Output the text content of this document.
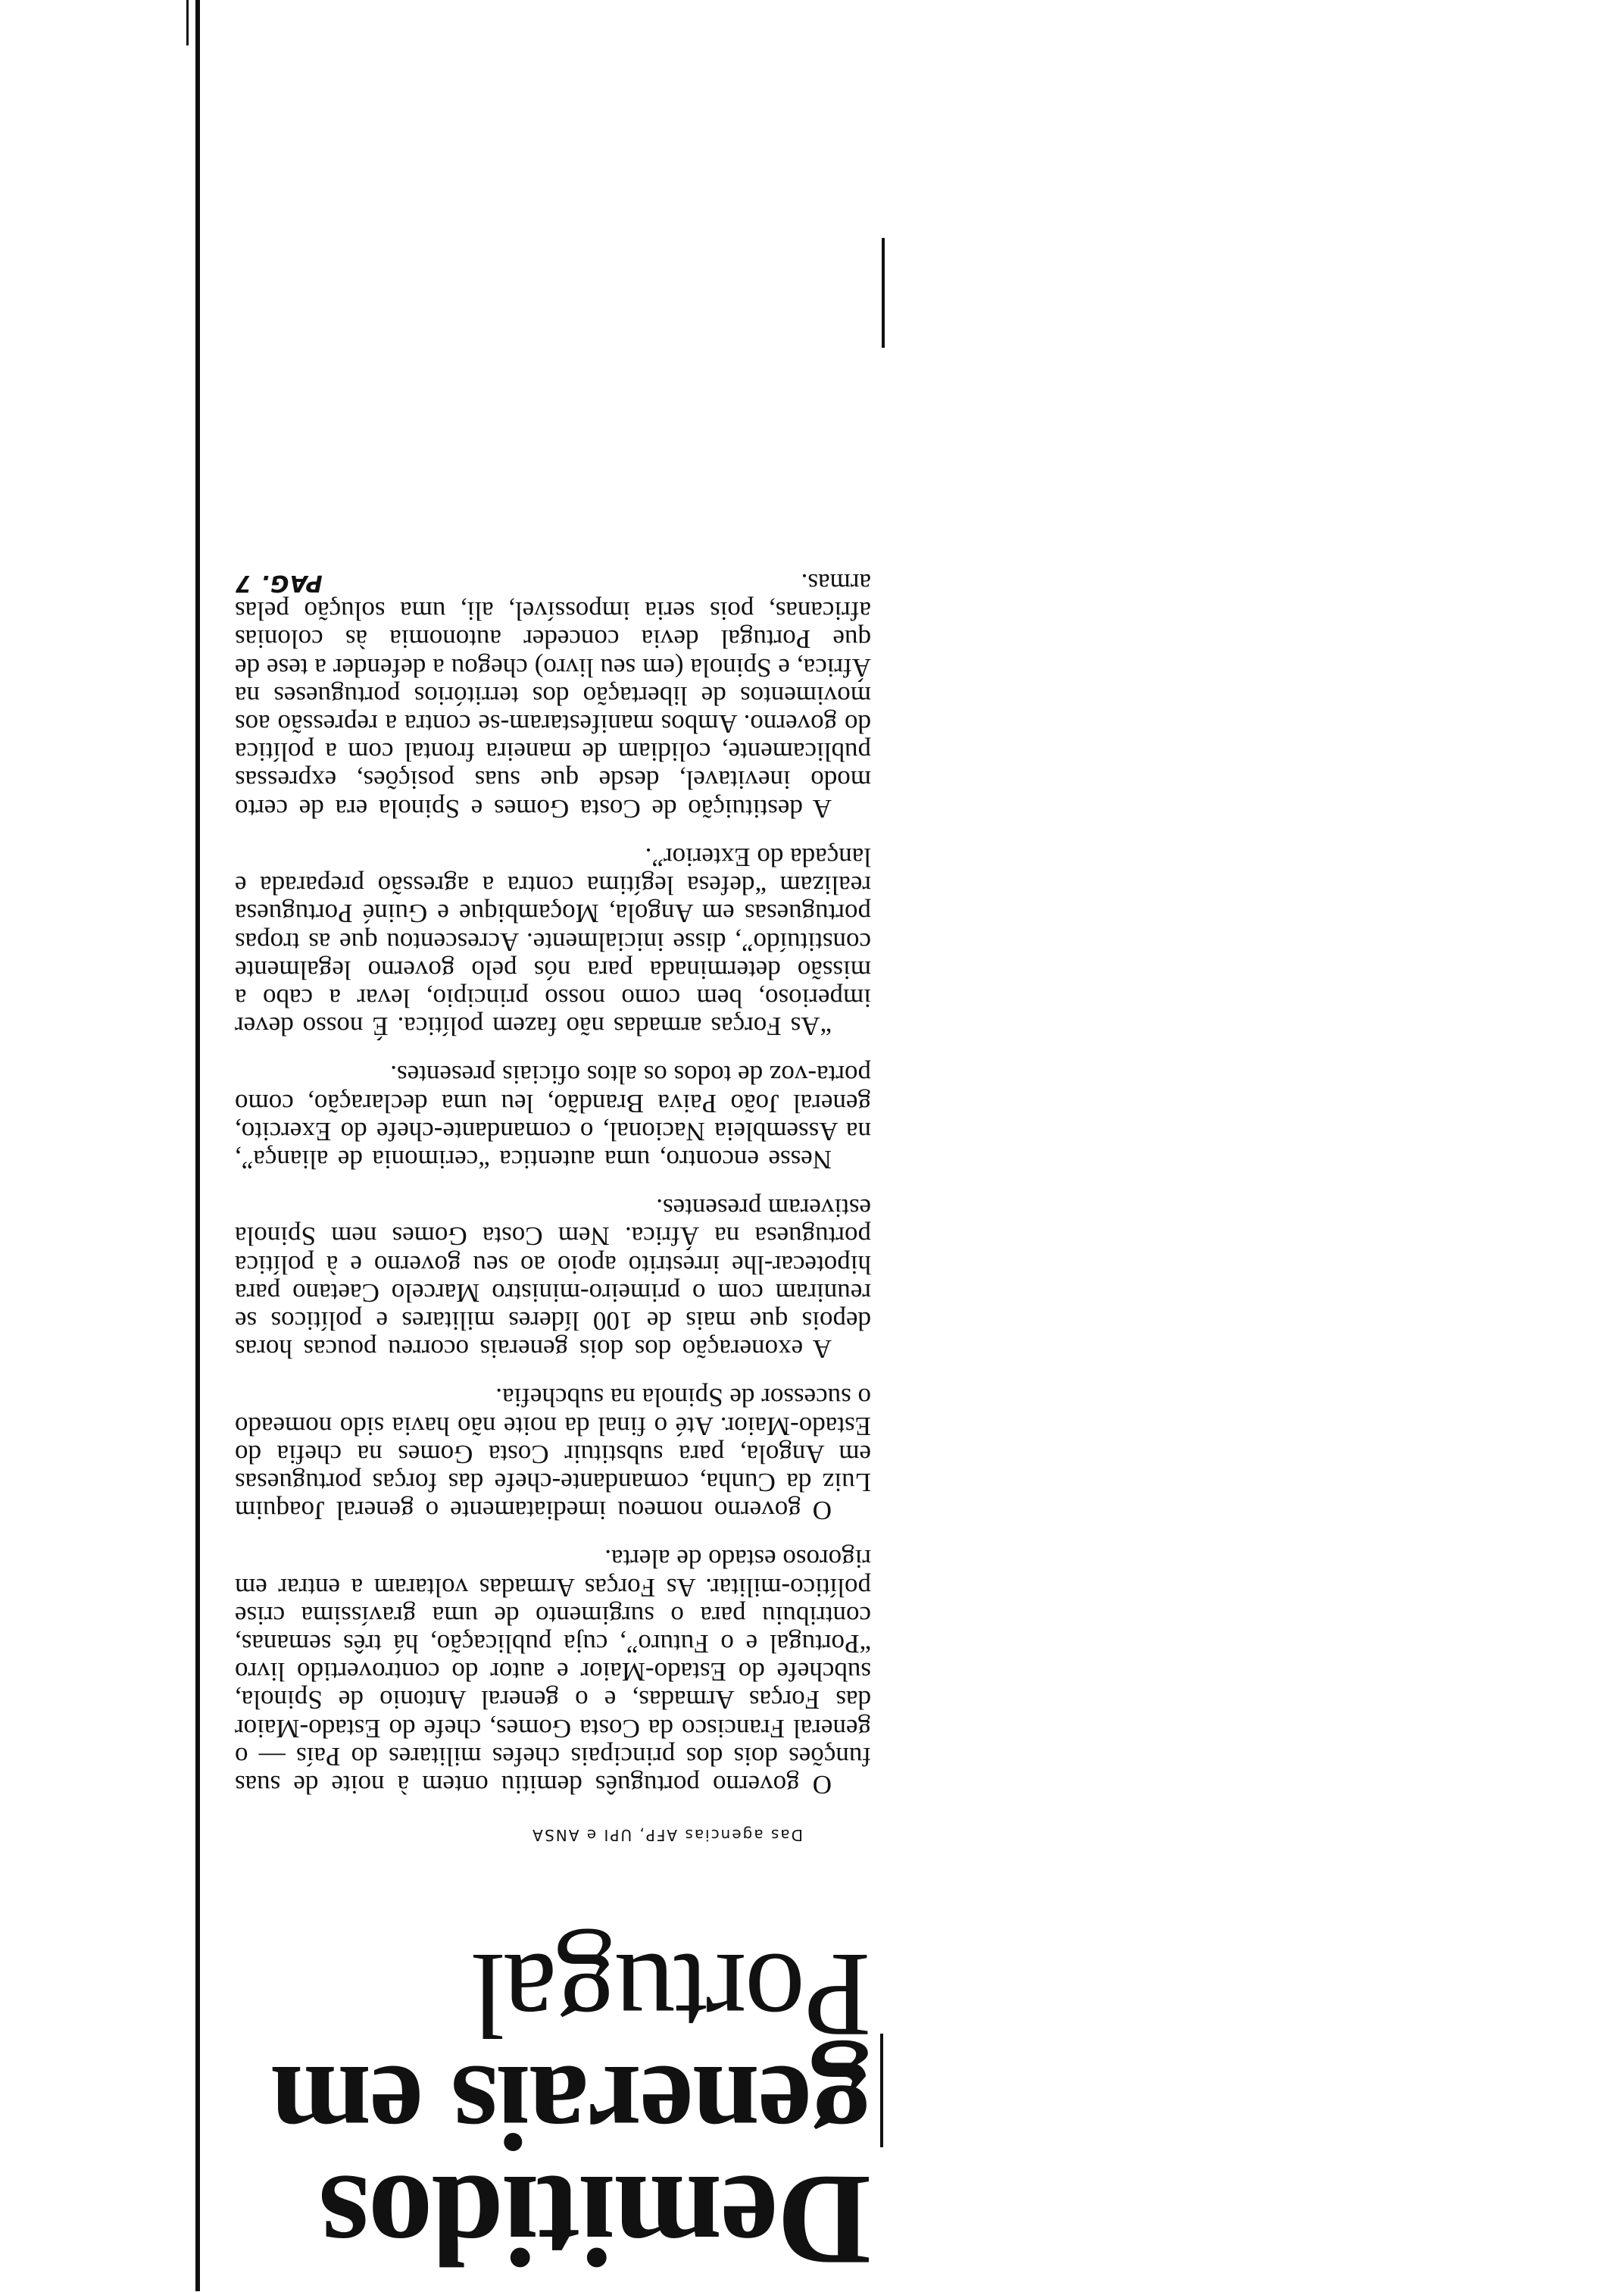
Demitidos
generais em
Portugal
Das agencias AFP, UPI e ANSA

O governo português demitiu ontem à noite de suas funções dois dos principais chefes militares do País — o general Francisco da Costa Gomes, chefe do Estado-Maior das Forças Armadas, e o general Antonio de Spinola, subchefe do Estado-Maior e autor do controvertido livro “Portugal e o Futuro”, cuja publicação, há três semanas, contribuiu para o surgimento de uma gravíssima crise político-militar. As Forças Armadas voltaram a entrar em rigoroso estado de alerta.

O governo nomeou imediatamente o general Joaquim Luiz da Cunha, comandante-chefe das forças portuguesas em Angola, para substituir Costa Gomes na chefia do Estado-Maior. Até o final da noite não havia sido nomeado o sucessor de Spinola na subchefia.

A exoneração dos dois generais ocorreu poucas horas depois que mais de 100 líderes militares e políticos se reuniram com o primeiro-ministro Marcelo Caetano para hipotecar-lhe irrestrito apoio ao seu governo e à política portuguesa na África. Nem Costa Gomes nem Spinola estiveram presentes.

Nesse encontro, uma autentica “cerimonia de aliança”, na Assembleia Nacional, o comandante-chefe do Exercito, general João Paiva Brandão, leu uma declaração, como porta-voz de todos os altos oficiais presentes.

“As Forças armadas não fazem política. É nosso dever imperioso, bem como nosso principio, levar a cabo a missão determinada para nós pelo governo legalmente constituído”, disse inicialmente. Acrescentou que as tropas portuguesas em Angola, Moçambique e Guiné Portuguesa realizam “defesa legítima contra a agressão preparada e lançada do Exterior”.

A destituição de Costa Gomes e Spinola era de certo modo inevitavel, desde que suas posições, expressas publicamente, colidiam de maneira frontal com a política do governo. Ambos manifestaram-se contra a repressão aos movimentos de libertação dos territórios portugueses na África, e Spinola (em seu livro) chegou a defender a tese de que Portugal devia conceder autonomia às colonias africanas, pois seria impossível, ali, uma solução pelas armas.
PAG. 7
